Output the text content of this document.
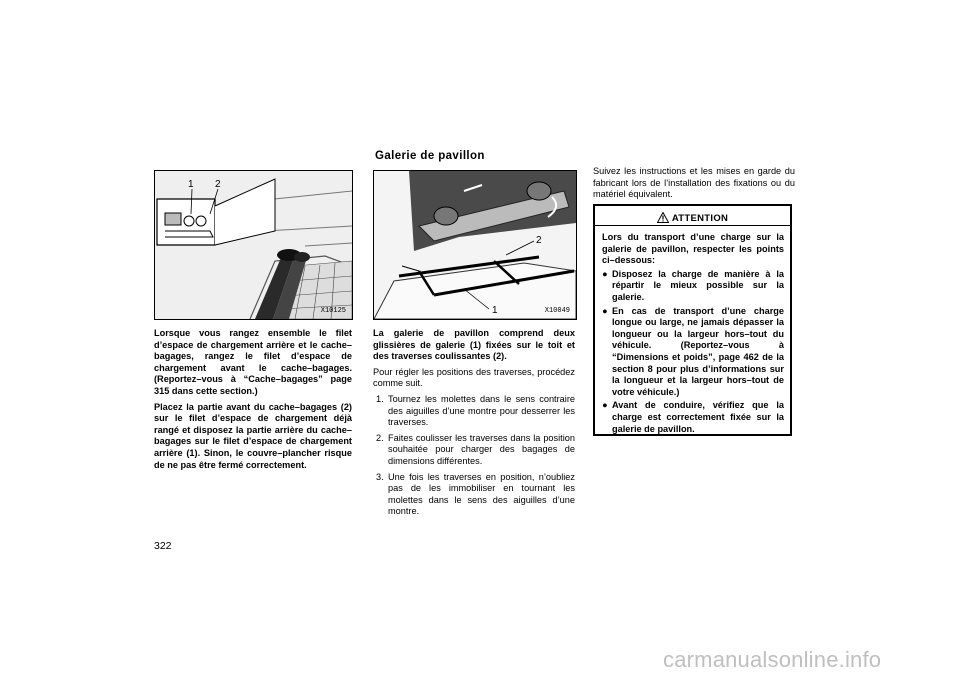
Galerie de pavillon
1 2
X10125
2
1	X10049

Lorsque vous rangez ensemble le filet d’espace de chargement arrière et le cache–bagages, rangez le filet d’espace de chargement avant le cache–bagages. (Reportez–vous à “Cache–bagages” page 315 dans cette section.)

Placez la partie avant du cache–bagages (2) sur le filet d’espace de chargement déjà rangé et disposez la partie arrière du cache–bagages sur le filet d’espace de chargement arrière (1). Sinon, le couvre–plancher risque de ne pas être fermé correctement.

La galerie de pavillon comprend deux glissières de galerie (1) fixées sur le toit et des traverses coulissantes (2).

Pour régler les positions des traverses, procédez comme suit.

1. Tournez les molettes dans le sens contraire des aiguilles d’une montre pour desserrer les traverses.
2. Faites coulisser les traverses dans la position souhaitée pour charger des bagages de dimensions différentes.
3. Une fois les traverses en position, n’oubliez pas de les immobiliser en tournant les molettes dans le sens des aiguilles d’une montre.

Suivez les instructions et les mises en garde du fabricant lors de l’installation des fixations ou du matériel équivalent.

ATTENTION

Lors du transport d’une charge sur la galerie de pavillon, respecter les points ci–dessous:

● Disposez la charge de manière à la répartir le mieux possible sur la galerie.
● En cas de transport d’une charge longue ou large, ne jamais dépasser la longueur ou la largeur hors–tout du véhicule. (Reportez–vous à “Dimensions et poids”, page 462 de la section 8 pour plus d’informations sur la longueur et la largeur hors–tout de votre véhicule.)
● Avant de conduire, vérifiez que la charge est correctement fixée sur la galerie de pavillon.
322
carmanualsonline.info
